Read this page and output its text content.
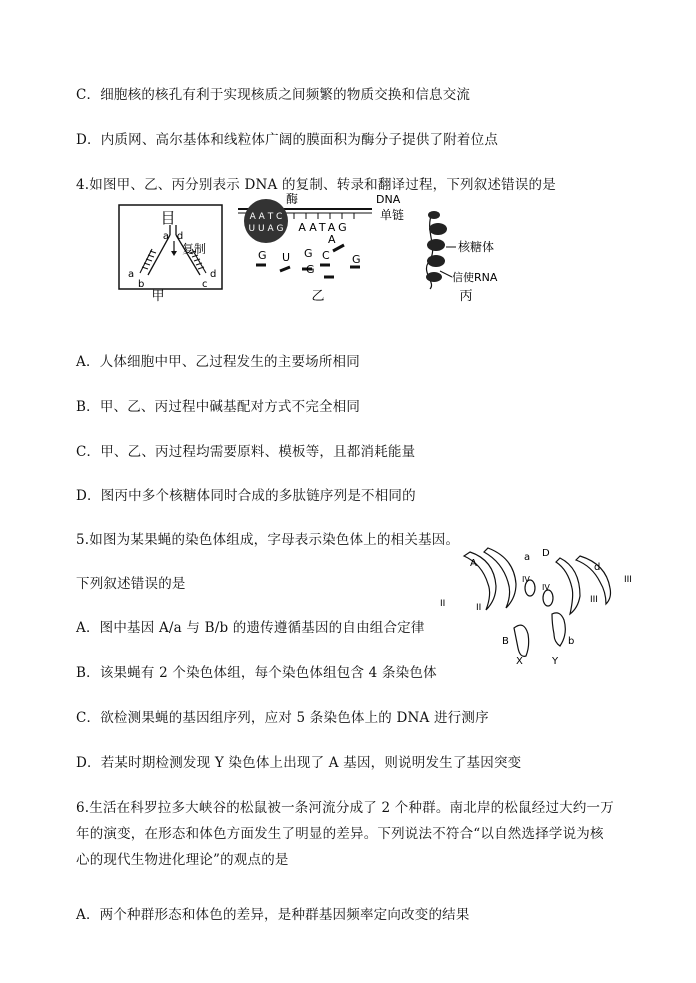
C．细胞核的核孔有利于实现核质之间频繁的物质交换和信息交流
D．内质网、高尔基体和线粒体广阔的膜面积为酶分子提供了附着位点
4.如图甲、乙、丙分别表示 DNA 的复制、转录和翻译过程，下列叙述错误的是
目
a d
复制
a
b	c
d
甲
酶	DNA
单链
A A T C
U U A G AATAG
A
C
G	G
G U
G
乙
核糖体
信使RNA
丙
A．人体细胞中甲、乙过程发生的主要场所相同
B．甲、乙、丙过程中碱基配对方式不完全相同
C．甲、乙、丙过程均需要原料、模板等，且都消耗能量
D．图丙中多个核糖体同时合成的多肽链序列是不相同的
5.如图为某果蝇的染色体组成，字母表示染色体上的相关基因。
下列叙述错误的是
A．图中基因 A/a 与 B/b 的遗传遵循基因的自由组合定律
B．该果蝇有 2 个染色体组，每个染色体组包含 4 条染色体
C．欲检测果蝇的基因组序列，应对 5 条染色体上的 DNA 进行测序
D．若某时期检测发现 Y 染色体上出现了 A 基因，则说明发生了基因突变
A
a D
d
II	II
IV
IV
III
III
B	b
X	Y
6.生活在科罗拉多大峡谷的松鼠被一条河流分成了 2 个种群。南北岸的松鼠经过大约一万
年的演变，在形态和体色方面发生了明显的差异。下列说法不符合“以自然选择学说为核
心的现代生物进化理论”的观点的是
A．两个种群形态和体色的差异，是种群基因频率定向改变的结果
